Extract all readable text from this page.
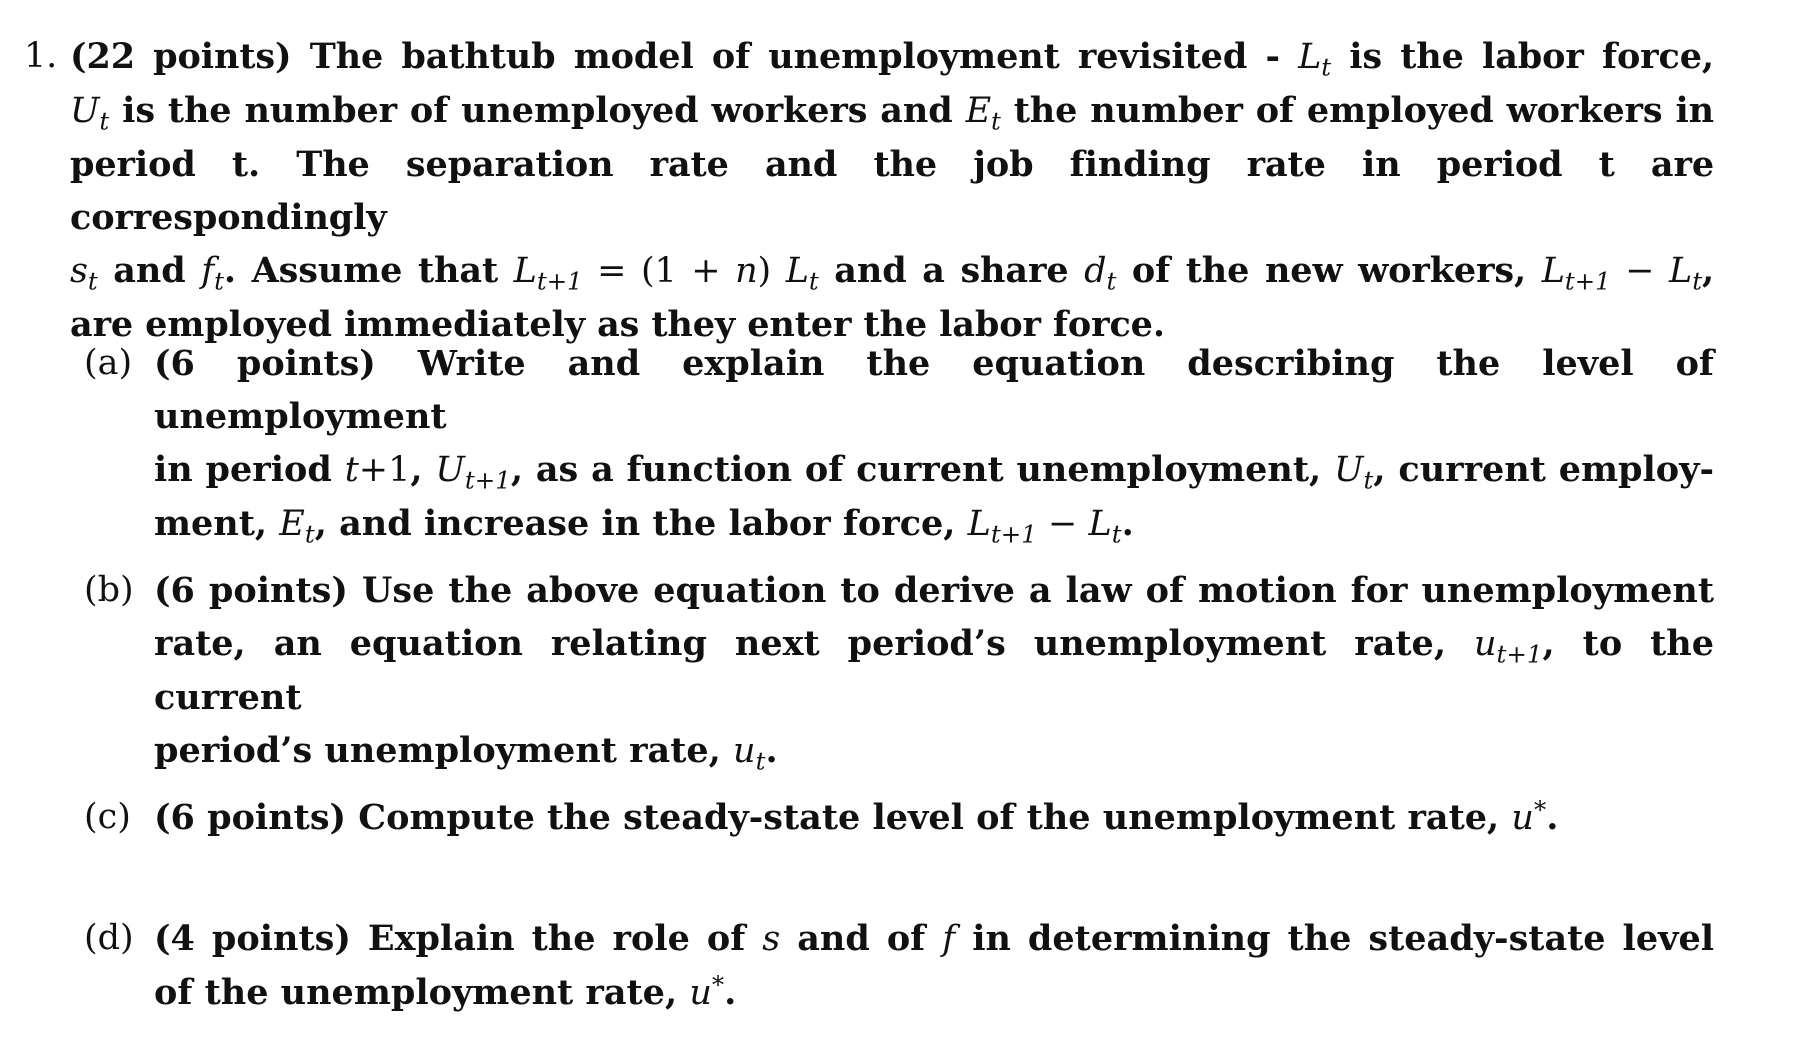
1. (22 points) The bathtub model of unemployment revisited - $L_t$ is the labor force,
$U_t$ is the number of unemployed workers and $E_t$ the number of employed workers in
period t. The separation rate and the job finding rate in period t are correspondingly
$s_t$ and $f_t$. Assume that $L_{t+1} = (1 + n)$ $L_t$ and a share $d_t$ of the new workers, $L_{t+1} - L_t$,
are employed immediately as they enter the labor force.
(a) (6 points) Write and explain the equation describing the level of unemployment
in period t+1, $U_{t+1}$, as a function of current unemployment, $U_t$, current employ-
ment, $E_t$, and increase in the labor force, $L_{t+1} - L_t$.
(b) (6 points) Use the above equation to derive a law of motion for unemployment
rate, an equation relating next period’s unemployment rate, $u_{t+1}$, to the current
period’s unemployment rate, $u_t$.
(c) (6 points) Compute the steady-state level of the unemployment rate, u*.
(d) (4 points) Explain the role of s and of f in determining the steady-state level
of the unemployment rate, u*.
